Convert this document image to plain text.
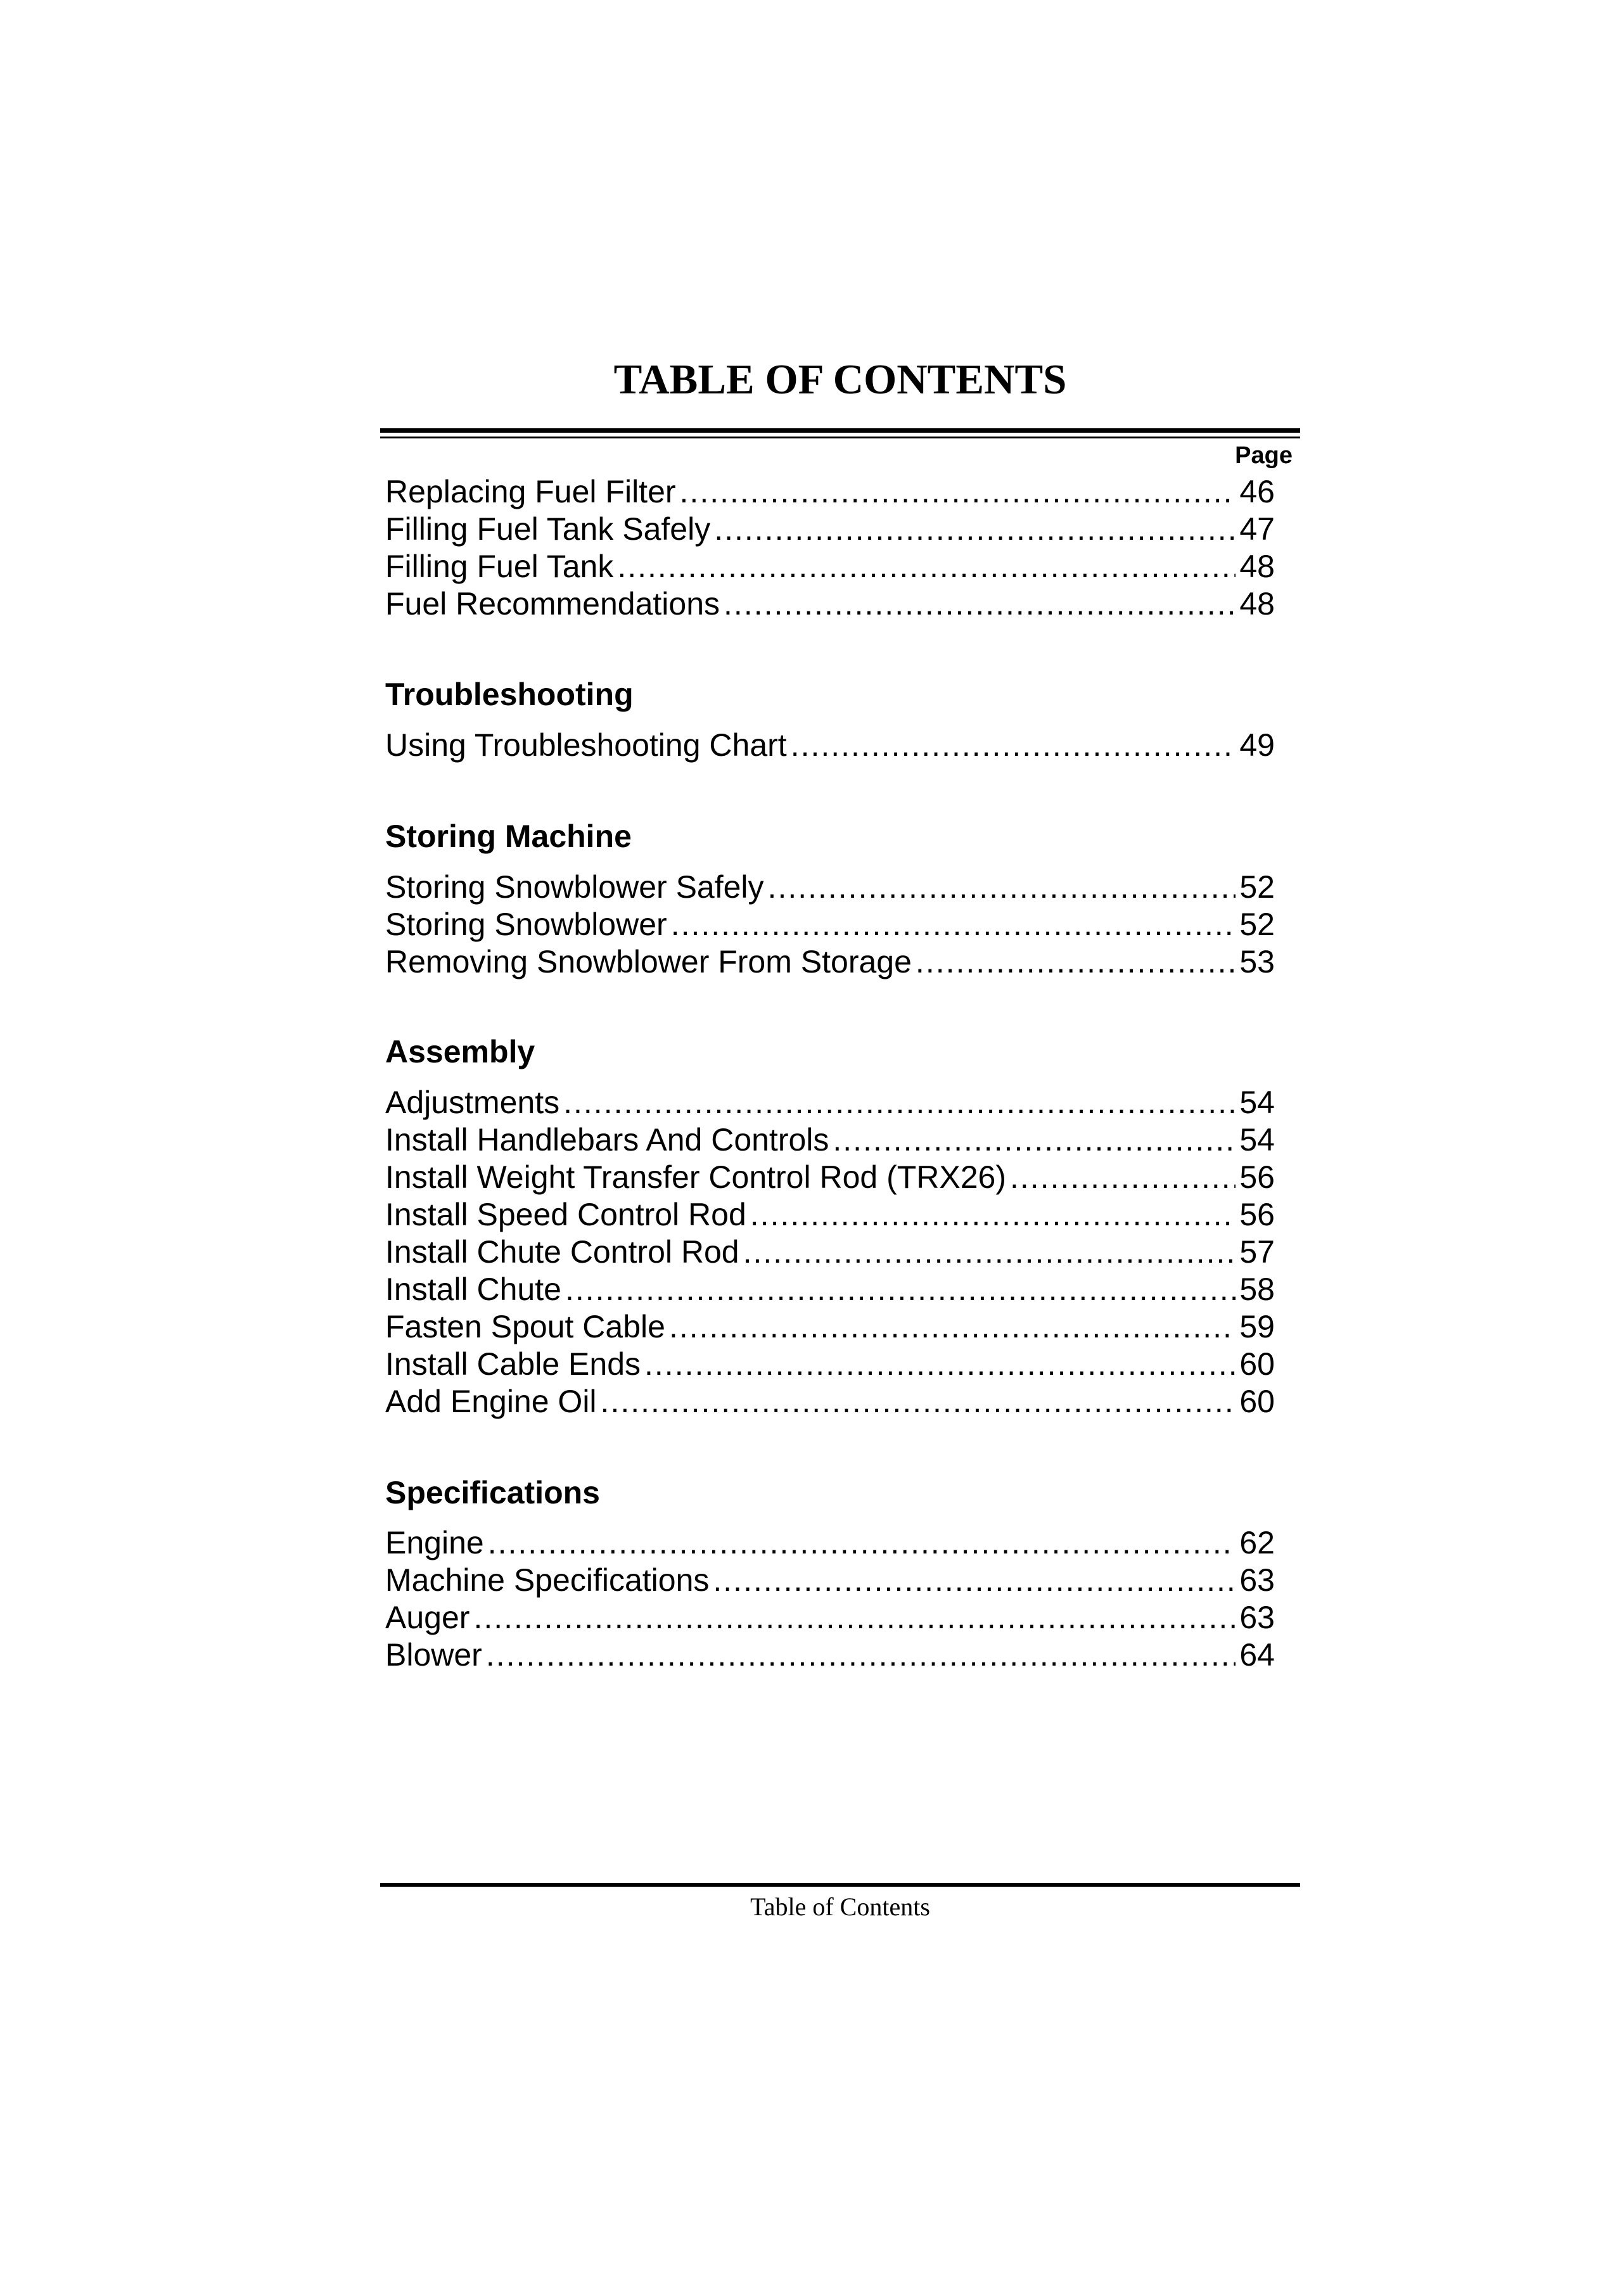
TABLE OF CONTENTS
Page
Replacing Fuel Filter .....	46
Filling Fuel Tank Safely .....	47
Filling Fuel Tank .....	48
Fuel Recommendations .....	48
Troubleshooting
Using Troubleshooting Chart .....	49
Storing Machine
Storing Snowblower Safely .....	52
Storing Snowblower .....	52
Removing Snowblower From Storage .....	53
Assembly
Adjustments .....	54
Install Handlebars And Controls .....	54
Install Weight Transfer Control Rod (TRX26) .....	56
Install Speed Control Rod .....	56
Install Chute Control Rod .....	57
Install Chute .....	58
Fasten Spout Cable .....	59
Install Cable Ends .....	60
Add Engine Oil .....	60
Specifications
Engine .....	62
Machine Specifications .....	63
Auger .....	63
Blower .....	64
Table of Contents
